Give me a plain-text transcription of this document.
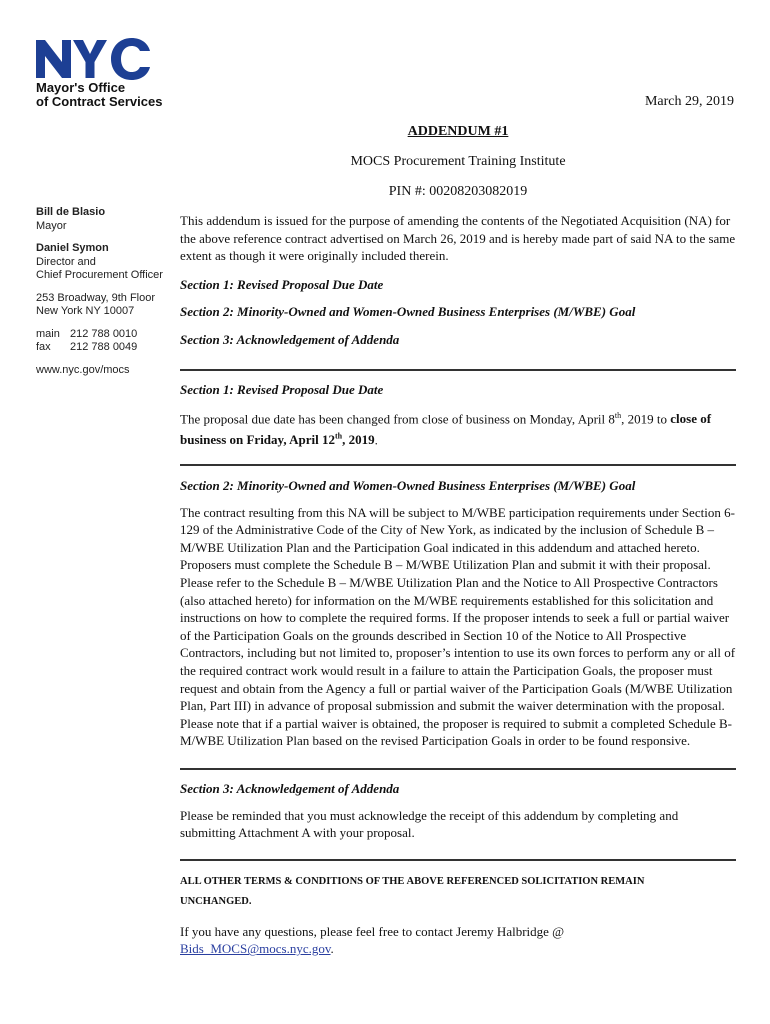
Mayor's Office
of Contract Services	March 29, 2019
ADDENDUM #1
MOCS Procurement Training Institute
PIN #: 00208203082019
Bill de Blasio
Mayor
Daniel Symon
Director and
Chief Procurement Officer
253 Broadway, 9th Floor
New York NY 10007
main 212 788 0010
fax	212 788 0049
www.nyc.gov/mocs

This addendum is issued for the purpose of amending the contents of the Negotiated Acquisition (NA) for the above reference contract advertised on March 26, 2019 and is hereby made part of said NA to the same extent as though it were originally included therein.

Section 1: Revised Proposal Due Date

Section 2: Minority-Owned and Women-Owned Business Enterprises (M/WBE) Goal

Section 3: Acknowledgement of Addenda

Section 1: Revised Proposal Due Date

The proposal due date has been changed from close of business on Monday, April 8th, 2019 to close of business on Friday, April 12th, 2019.

Section 2: Minority-Owned and Women-Owned Business Enterprises (M/WBE) Goal

The contract resulting from this NA will be subject to M/WBE participation requirements under Section 6-129 of the Administrative Code of the City of New York, as indicated by the inclusion of Schedule B – M/WBE Utilization Plan and the Participation Goal indicated in this addendum and attached hereto. Proposers must complete the Schedule B – M/WBE Utilization Plan and submit it with their proposal. Please refer to the Schedule B – M/WBE Utilization Plan and the Notice to All Prospective Contractors (also attached hereto) for information on the M/WBE requirements established for this solicitation and instructions on how to complete the required forms. If the proposer intends to seek a full or partial waiver of the Participation Goals on the grounds described in Section 10 of the Notice to All Prospective Contractors, including but not limited to, proposer’s intention to use its own forces to perform any or all of the required contract work would result in a failure to attain the Participation Goals, the proposer must request and obtain from the Agency a full or partial waiver of the Participation Goals (M/WBE Utilization Plan, Part III) in advance of proposal submission and submit the waiver determination with the proposal. Please note that if a partial waiver is obtained, the proposer is required to submit a completed Schedule B-M/WBE Utilization Plan based on the revised Participation Goals in order to be found responsive.

Section 3: Acknowledgement of Addenda

Please be reminded that you must acknowledge the receipt of this addendum by completing and submitting Attachment A with your proposal.

ALL OTHER TERMS & CONDITIONS OF THE ABOVE REFERENCED SOLICITATION REMAIN

UNCHANGED.

If you have any questions, please feel free to contact Jeremy Halbridge @
Bids_MOCS@mocs.nyc.gov.
